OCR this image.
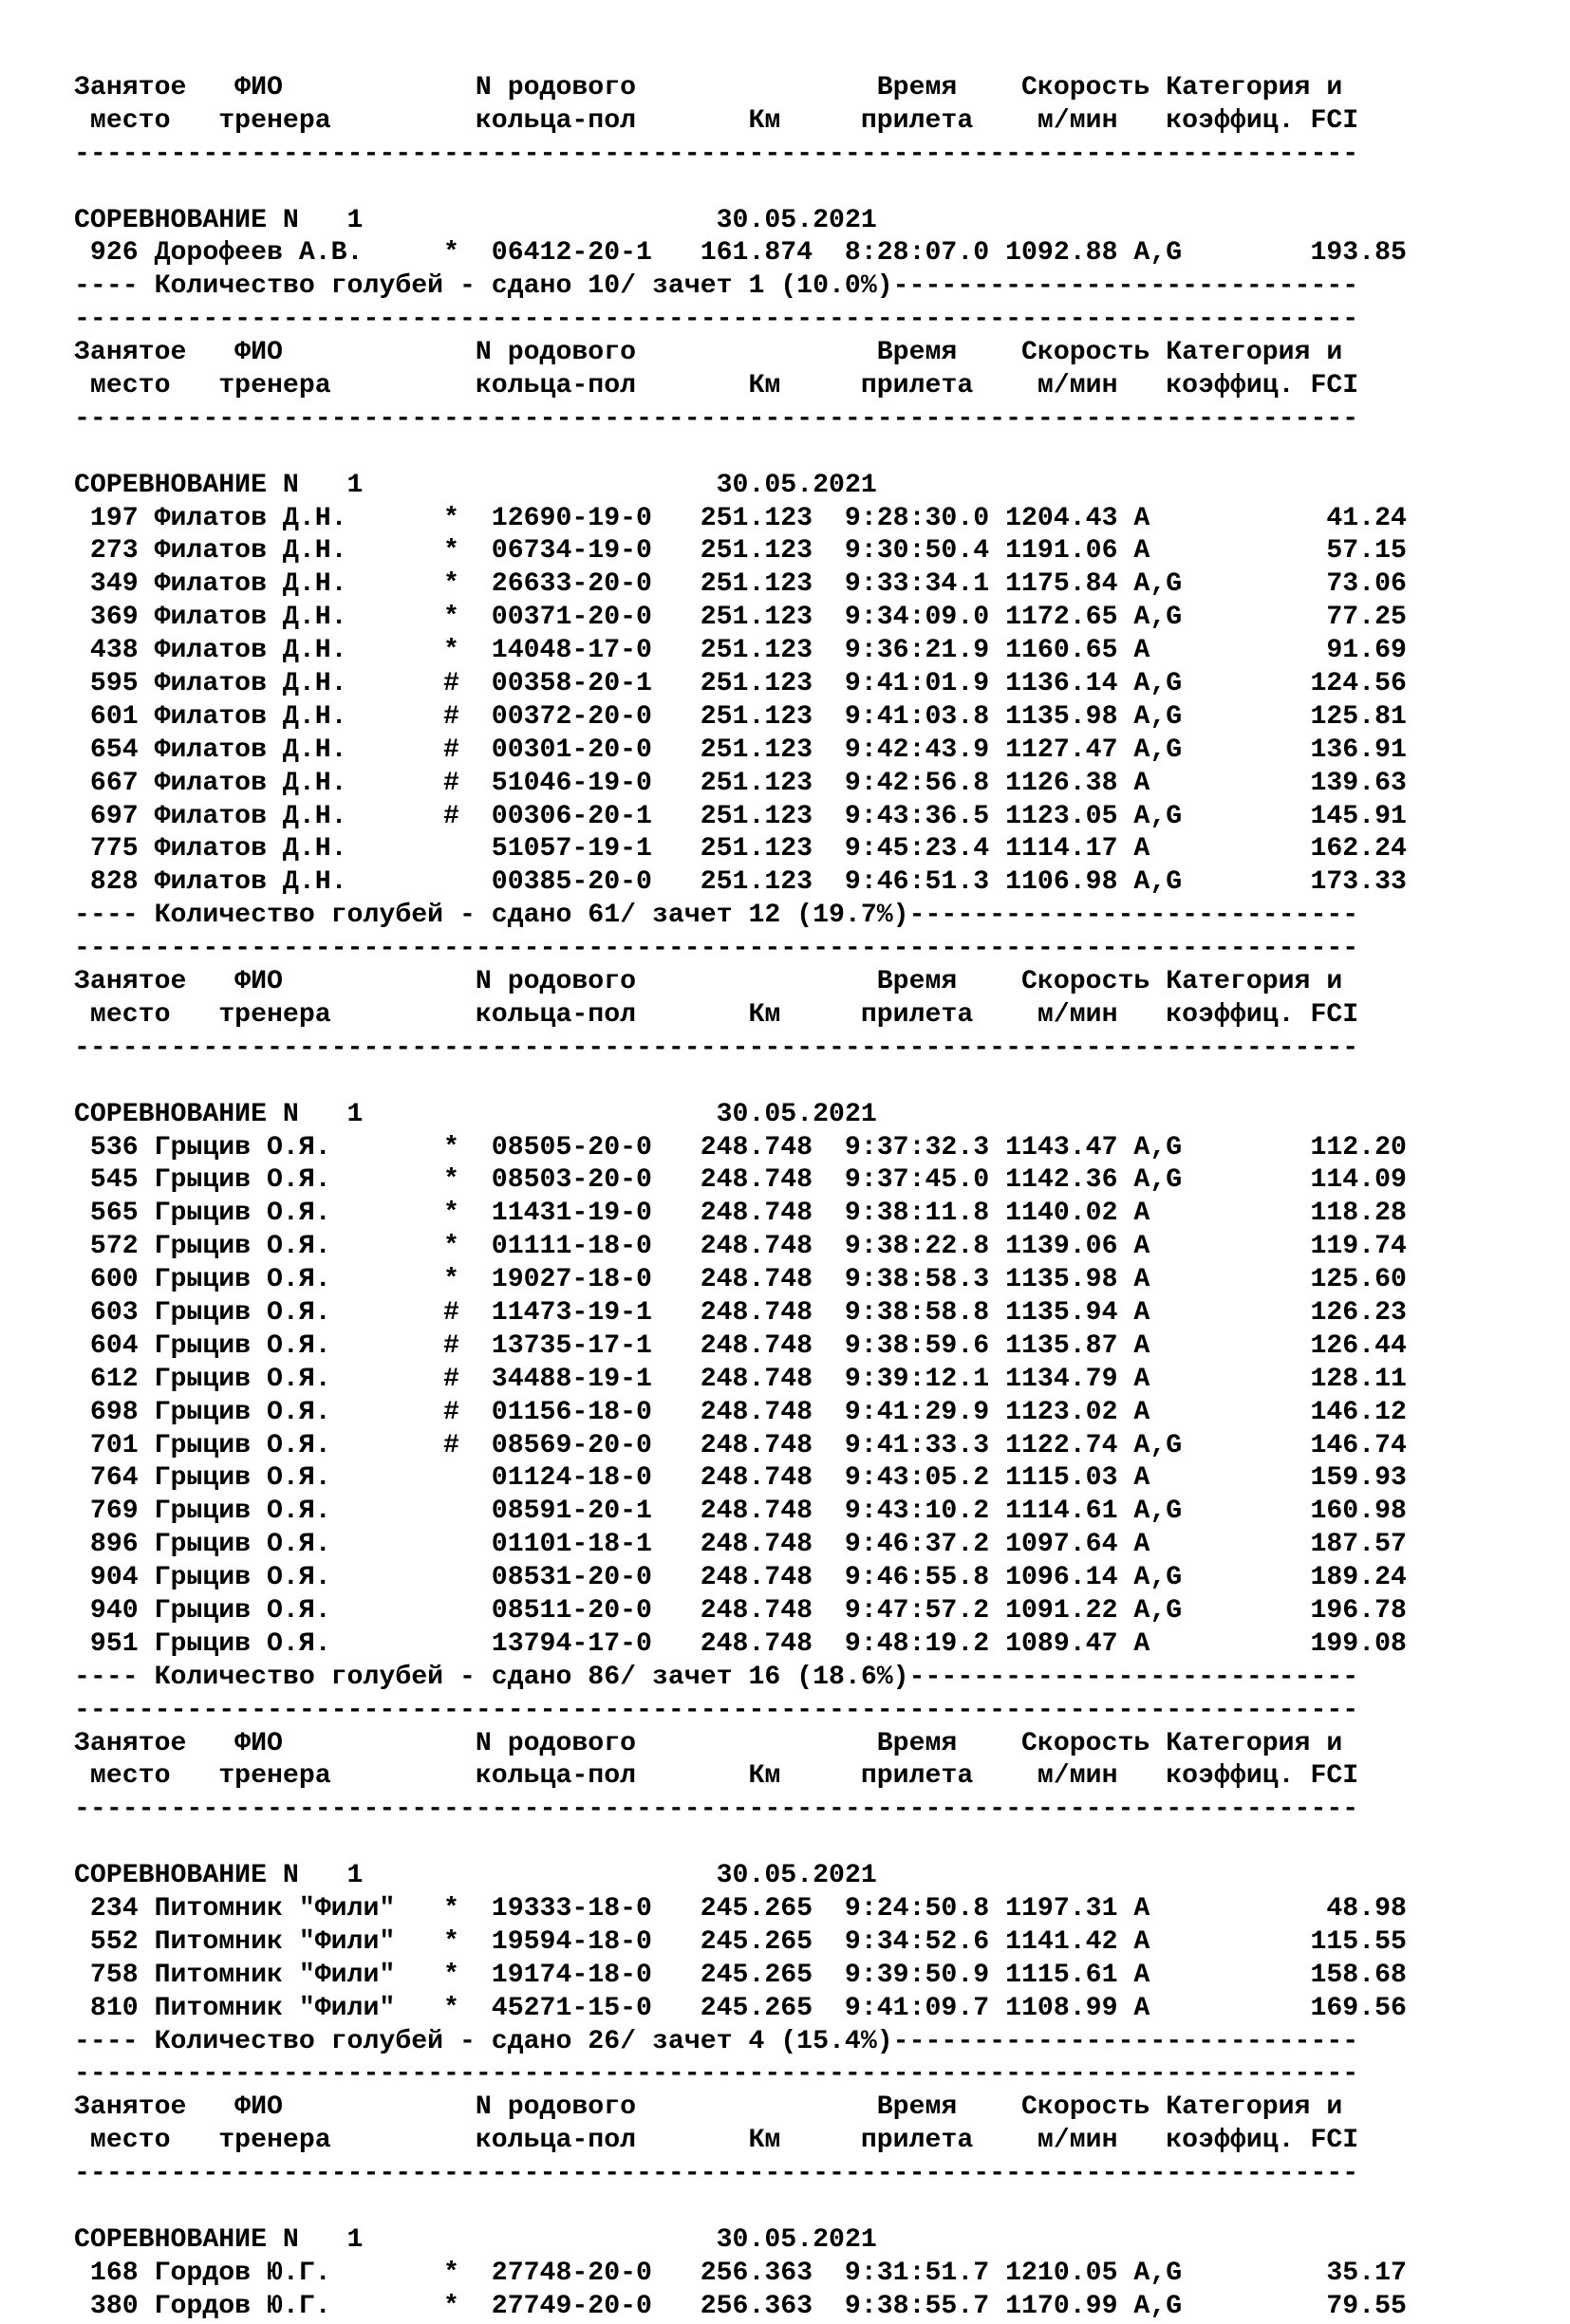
Занятое   ФИО            N родового               Время    Скорость Категория и
место   тренера         кольца-пол       Км     прилета    м/мин   коэффиц. FCI
--------------------------------------------------------------------------------
СОРЕВНОВАНИЕ N   1	30.05.2021
926 Дорофеев А.В.     *  06412-20-1   161.874  8:28:07.0 1092.88 A,G        193.85
---- Количество голубей - сдано 10/ зачет 1 (10.0%)-----------------------------
--------------------------------------------------------------------------------
Занятое   ФИО            N родового               Время    Скорость Категория и
место   тренера         кольца-пол       Км     прилета    м/мин   коэффиц. FCI
--------------------------------------------------------------------------------
СОРЕВНОВАНИЕ N   1	30.05.2021
197 Филатов Д.Н.      *  12690-19-0   251.123  9:28:30.0 1204.43 A           41.24
273 Филатов Д.Н.      *  06734-19-0   251.123  9:30:50.4 1191.06 A           57.15
349 Филатов Д.Н.      *  26633-20-0   251.123  9:33:34.1 1175.84 A,G         73.06
369 Филатов Д.Н.      *  00371-20-0   251.123  9:34:09.0 1172.65 A,G         77.25
438 Филатов Д.Н.      *  14048-17-0   251.123  9:36:21.9 1160.65 A           91.69
595 Филатов Д.Н.      #  00358-20-1   251.123  9:41:01.9 1136.14 A,G        124.56
601 Филатов Д.Н.      #  00372-20-0   251.123  9:41:03.8 1135.98 A,G        125.81
654 Филатов Д.Н.      #  00301-20-0   251.123  9:42:43.9 1127.47 A,G        136.91
667 Филатов Д.Н.      #  51046-19-0   251.123  9:42:56.8 1126.38 A          139.63
697 Филатов Д.Н.      #  00306-20-1   251.123  9:43:36.5 1123.05 A,G        145.91
775 Филатов Д.Н.         51057-19-1   251.123  9:45:23.4 1114.17 A          162.24
828 Филатов Д.Н.         00385-20-0   251.123  9:46:51.3 1106.98 A,G        173.33
---- Количество голубей - сдано 61/ зачет 12 (19.7%)----------------------------
--------------------------------------------------------------------------------
Занятое   ФИО            N родового               Время    Скорость Категория и
место   тренера         кольца-пол       Км     прилета    м/мин   коэффиц. FCI
--------------------------------------------------------------------------------
СОРЕВНОВАНИЕ N   1	30.05.2021
536 Грыцив О.Я.       *  08505-20-0   248.748  9:37:32.3 1143.47 A,G        112.20
545 Грыцив О.Я.       *  08503-20-0   248.748  9:37:45.0 1142.36 A,G        114.09
565 Грыцив О.Я.       *  11431-19-0   248.748  9:38:11.8 1140.02 A          118.28
572 Грыцив О.Я.       *  01111-18-0   248.748  9:38:22.8 1139.06 A          119.74
600 Грыцив О.Я.       *  19027-18-0   248.748  9:38:58.3 1135.98 A          125.60
603 Грыцив О.Я.       #  11473-19-1   248.748  9:38:58.8 1135.94 A          126.23
604 Грыцив О.Я.       #  13735-17-1   248.748  9:38:59.6 1135.87 A          126.44
612 Грыцив О.Я.       #  34488-19-1   248.748  9:39:12.1 1134.79 A          128.11
698 Грыцив О.Я.       #  01156-18-0   248.748  9:41:29.9 1123.02 A          146.12
701 Грыцив О.Я.       #  08569-20-0   248.748  9:41:33.3 1122.74 A,G        146.74
764 Грыцив О.Я.          01124-18-0   248.748  9:43:05.2 1115.03 A          159.93
769 Грыцив О.Я.          08591-20-1   248.748  9:43:10.2 1114.61 A,G        160.98
896 Грыцив О.Я.          01101-18-1   248.748  9:46:37.2 1097.64 A          187.57
904 Грыцив О.Я.          08531-20-0   248.748  9:46:55.8 1096.14 A,G        189.24
940 Грыцив О.Я.          08511-20-0   248.748  9:47:57.2 1091.22 A,G        196.78
951 Грыцив О.Я.          13794-17-0   248.748  9:48:19.2 1089.47 A          199.08
---- Количество голубей - сдано 86/ зачет 16 (18.6%)----------------------------
--------------------------------------------------------------------------------
Занятое   ФИО            N родового               Время    Скорость Категория и
место   тренера         кольца-пол       Км     прилета    м/мин   коэффиц. FCI
--------------------------------------------------------------------------------
СОРЕВНОВАНИЕ N   1	30.05.2021
234 Питомник "Фили"   *  19333-18-0   245.265  9:24:50.8 1197.31 A           48.98
552 Питомник "Фили"   *  19594-18-0   245.265  9:34:52.6 1141.42 A          115.55
758 Питомник "Фили"   *  19174-18-0   245.265  9:39:50.9 1115.61 A          158.68
810 Питомник "Фили"   *  45271-15-0   245.265  9:41:09.7 1108.99 A          169.56
---- Количество голубей - сдано 26/ зачет 4 (15.4%)-----------------------------
--------------------------------------------------------------------------------
Занятое   ФИО            N родового               Время    Скорость Категория и
место   тренера         кольца-пол       Км     прилета    м/мин   коэффиц. FCI
--------------------------------------------------------------------------------
СОРЕВНОВАНИЕ N   1	30.05.2021
168 Гордов Ю.Г.       *  27748-20-0   256.363  9:31:51.7 1210.05 A,G         35.17
380 Гордов Ю.Г.       *  27749-20-0   256.363  9:38:55.7 1170.99 A,G         79.55
